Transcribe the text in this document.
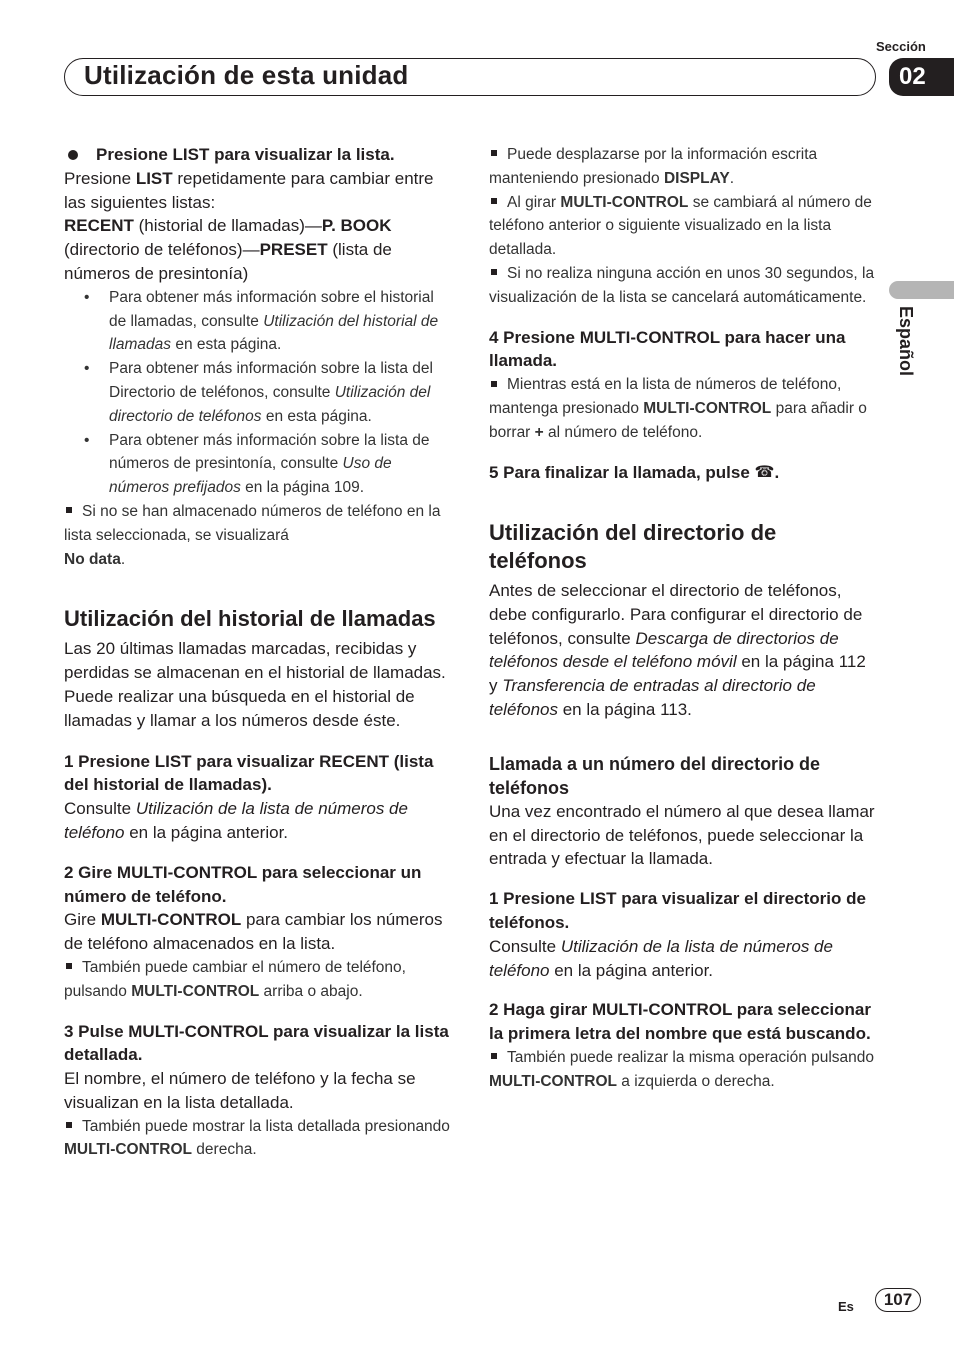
Sección
Utilización de esta unidad	02
Español

Presione LIST para visualizar la lista.

Presione LIST repetidamente para cambiar entre las siguientes listas:

RECENT (historial de llamadas)—P. BOOK (directorio de teléfonos)—PRESET (lista de números de presintonía)

• Para obtener más información sobre el historial de llamadas, consulte Utilización del historial de llamadas en esta página.

• Para obtener más información sobre la lista del Directorio de teléfonos, consulte Utilización del directorio de teléfonos en esta página.

• Para obtener más información sobre la lista de números de presintonía, consulte Uso de números prefijados en la página 109.

Si no se han almacenado números de teléfono en la lista seleccionada, se visualizará
No data.

Utilización del historial de llamadas

Las 20 últimas llamadas marcadas, recibidas y perdidas se almacenan en el historial de llamadas. Puede realizar una búsqueda en el historial de llamadas y llamar a los números desde éste.

1 Presione LIST para visualizar RECENT (lista del historial de llamadas).

Consulte Utilización de la lista de números de teléfono en la página anterior.

2 Gire MULTI-CONTROL para seleccionar un número de teléfono.

Gire MULTI-CONTROL para cambiar los números de teléfono almacenados en la lista.

También puede cambiar el número de teléfono, pulsando MULTI-CONTROL arriba o abajo.

3 Pulse MULTI-CONTROL para visualizar la lista detallada.

El nombre, el número de teléfono y la fecha se visualizan en la lista detallada.

También puede mostrar la lista detallada presionando MULTI-CONTROL derecha.

Puede desplazarse por la información escrita manteniendo presionado DISPLAY.

Al girar MULTI-CONTROL se cambiará al número de teléfono anterior o siguiente visualizado en la lista detallada.

Si no realiza ninguna acción en unos 30 segundos, la visualización de la lista se cancelará automáticamente.

4 Presione MULTI-CONTROL para hacer una llamada.

Mientras está en la lista de números de teléfono, mantenga presionado MULTI-CONTROL para añadir o borrar + al número de teléfono.

5 Para finalizar la llamada, pulse ☎.

Utilización del directorio de teléfonos

Antes de seleccionar el directorio de teléfonos, debe configurarlo. Para configurar el directorio de teléfonos, consulte Descarga de directorios de teléfonos desde el teléfono móvil en la página 112 y Transferencia de entradas al directorio de teléfonos en la página 113.

Llamada a un número del directorio de teléfonos

Una vez encontrado el número al que desea llamar en el directorio de teléfonos, puede seleccionar la entrada y efectuar la llamada.

1 Presione LIST para visualizar el directorio de teléfonos.

Consulte Utilización de la lista de números de teléfono en la página anterior.

2 Haga girar MULTI-CONTROL para seleccionar la primera letra del nombre que está buscando.

También puede realizar la misma operación pulsando MULTI-CONTROL a izquierda o derecha.

Es	107
